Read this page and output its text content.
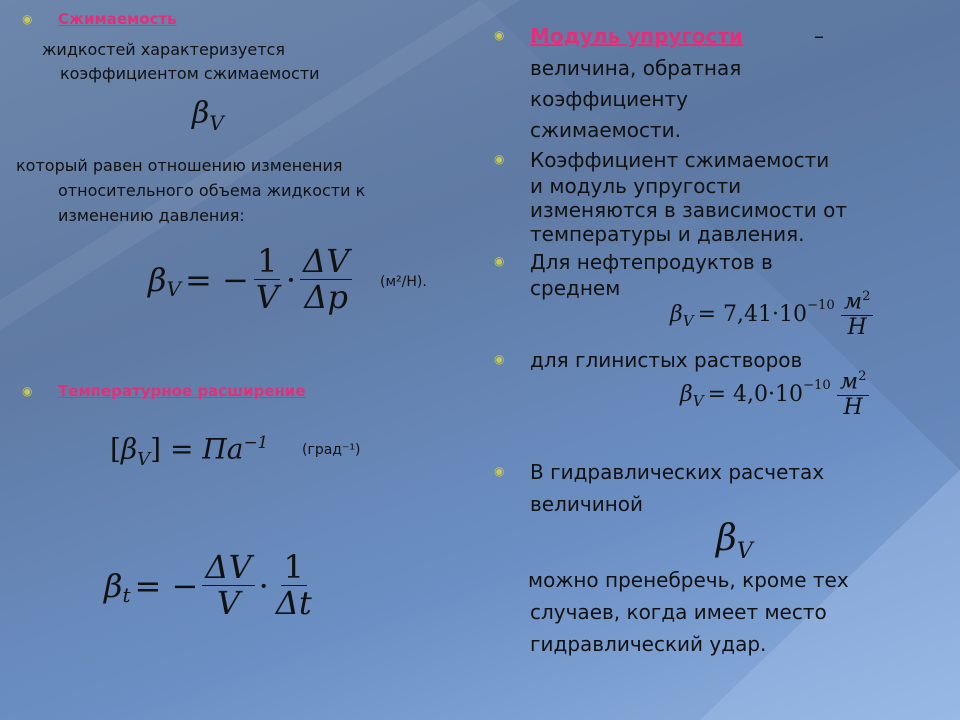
◉ Сжимаемость
жидкостей характеризуется
коэффициентом сжимаемости
$\beta_V$
который равен отношению изменения
относительного объема жидкости к
изменению давления:
$\beta_V$ = − $\frac{1}{V} \cdot \frac{\Delta V}{\Delta p} (м^2/Н)$.
◉ Температурное расширение
$[\beta_V] = Па^{-1}$ (град⁻¹)
$\beta_t$ = − $\frac{\Delta V}{V} \cdot \frac{1}{\Delta t}$
◉ Модуль упругости	–
величина, обратная
коэффициенту
сжимаемости.
◉ Коэффициент сжимаемости
и модуль упругости
изменяются в зависимости от
температуры и давления.
◉ Для нефтепродуктов в
среднем
$\beta_V = 7,41\cdot 10^{-10} \frac{м^2}{Н}$
◉ для глинистых растворов
$\beta_V = 4,0\cdot 10^{-10} \frac{м^2}{Н}$
◉ В гидравлических расчетах
величиной
$\beta_V$
можно пренебречь, кроме тех
случаев, когда имеет место
гидравлический удар.
